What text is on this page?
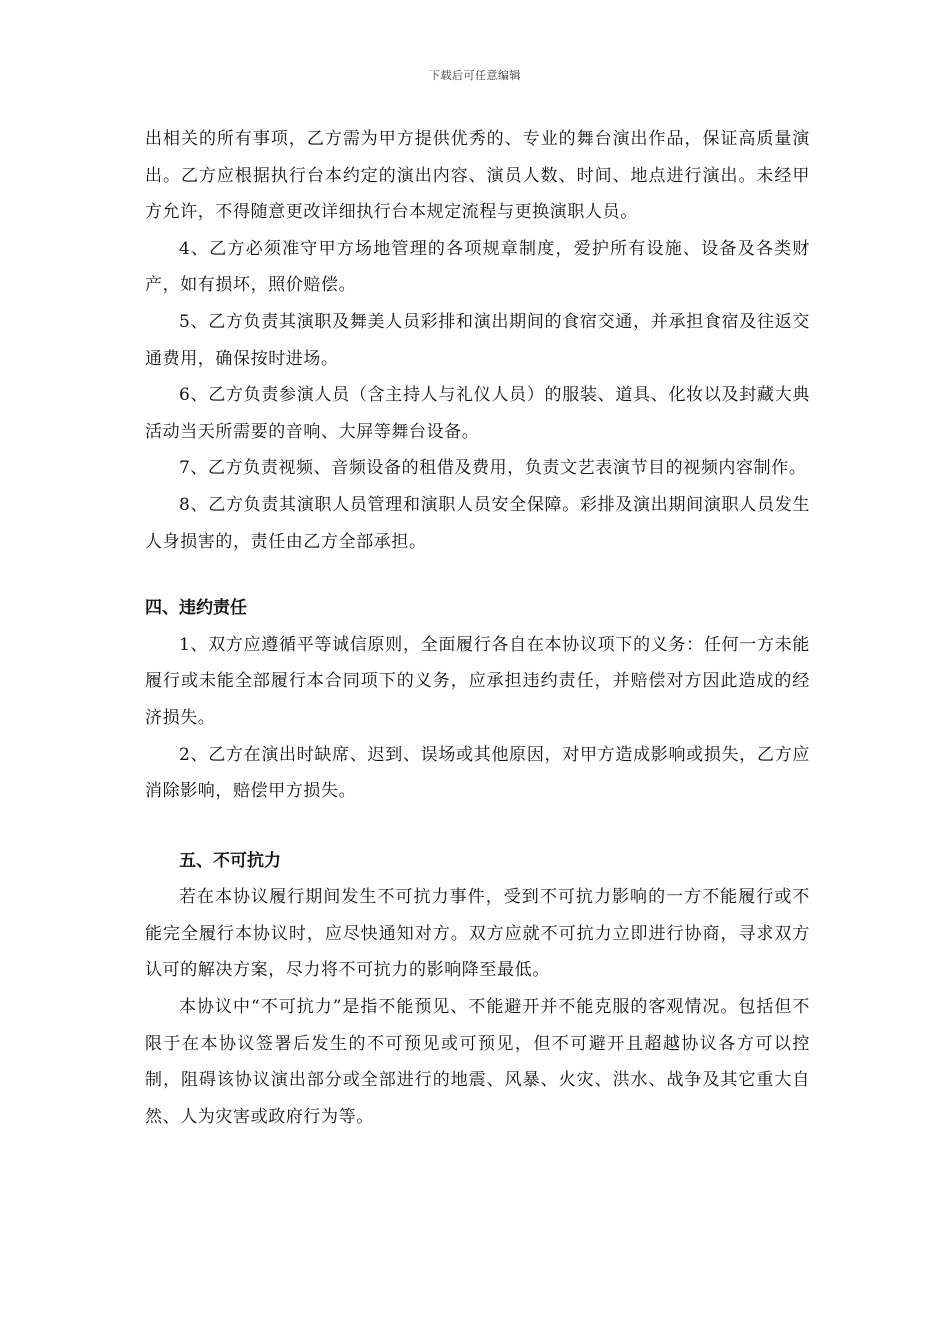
下载后可任意编辑

出相关的所有事项，乙方需为甲方提供优秀的、专业的舞台演出作品，保证高质量演出。乙方应根据执行台本约定的演出内容、演员人数、时间、地点进行演出。未经甲方允许，不得随意更改详细执行台本规定流程与更换演职人员。

4、乙方必须准守甲方场地管理的各项规章制度，爱护所有设施、设备及各类财产，如有损坏，照价赔偿。

5、乙方负责其演职及舞美人员彩排和演出期间的食宿交通，并承担食宿及往返交通费用，确保按时进场。

6、乙方负责参演人员（含主持人与礼仪人员）的服装、道具、化妆以及封藏大典活动当天所需要的音响、大屏等舞台设备。

7、乙方负责视频、音频设备的租借及费用，负责文艺表演节目的视频内容制作。

8、乙方负责其演职人员管理和演职人员安全保障。彩排及演出期间演职人员发生人身损害的，责任由乙方全部承担。

四、违约责任

1、双方应遵循平等诚信原则，全面履行各自在本协议项下的义务：任何一方未能履行或未能全部履行本合同项下的义务，应承担违约责任，并赔偿对方因此造成的经济损失。

2、乙方在演出时缺席、迟到、误场或其他原因，对甲方造成影响或损失，乙方应消除影响，赔偿甲方损失。

五、不可抗力

若在本协议履行期间发生不可抗力事件，受到不可抗力影响的一方不能履行或不能完全履行本协议时，应尽快通知对方。双方应就不可抗力立即进行协商，寻求双方认可的解决方案，尽力将不可抗力的影响降至最低。

本协议中“不可抗力”是指不能预见、不能避开并不能克服的客观情况。包括但不限于在本协议签署后发生的不可预见或可预见，但不可避开且超越协议各方可以控制，阻碍该协议演出部分或全部进行的地震、风暴、火灾、洪水、战争及其它重大自然、人为灾害或政府行为等。
